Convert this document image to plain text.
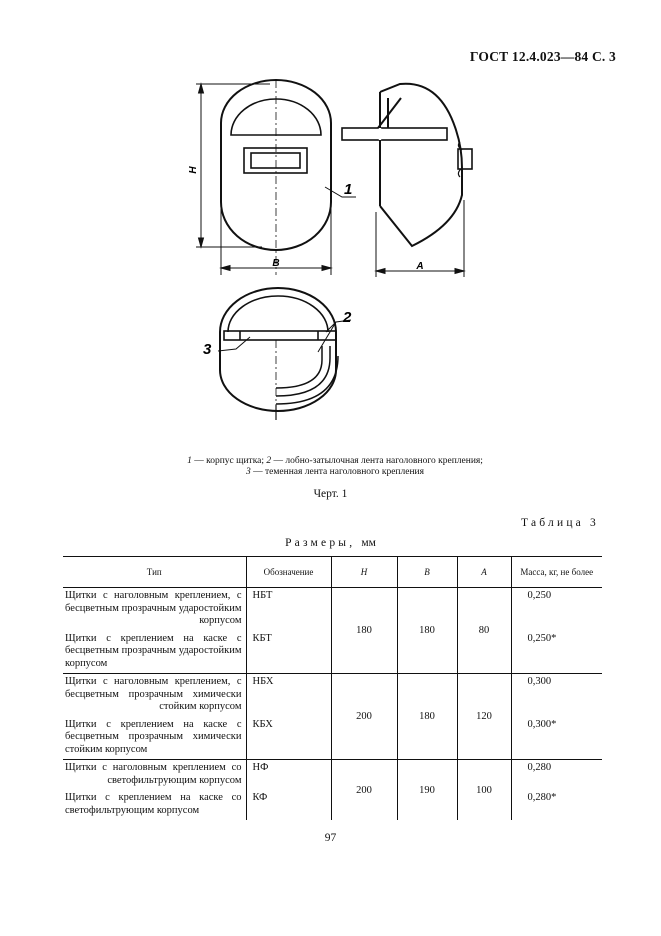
ГОСТ 12.4.023—84 С. 3
H
B	A
1
2
3
1 — корпус щитка; 2 — лобно-затылочная лента наголовного крепления;
3 — теменная лента наголовного крепления
Черт. 1
Таблица 3
Размеры, мм
Тип	Обозначение	H	B	A	Масса, кг, не более
Щитки с наголовным креплением, с бесцветным прозрачным ударостойким корпусом	НБТ	180	180	80	0,250
Щитки с креплением на каске с бесцветным прозрачным ударостойким корпусом	КБТ				0,250*
Щитки с наголовным креплением, с бесцветным прозрачным химически стойким корпусом	НБХ	200	180	120	0,300
Щитки с креплением на каске с бесцветным прозрачным химически стойким корпусом	КБХ				0,300*
Щитки с наголовным креплением со светофильтрующим корпусом	НФ	200	190	100	0,280
Щитки с креплением на каске со светофильтрующим корпусом	КФ				0,280*
97
